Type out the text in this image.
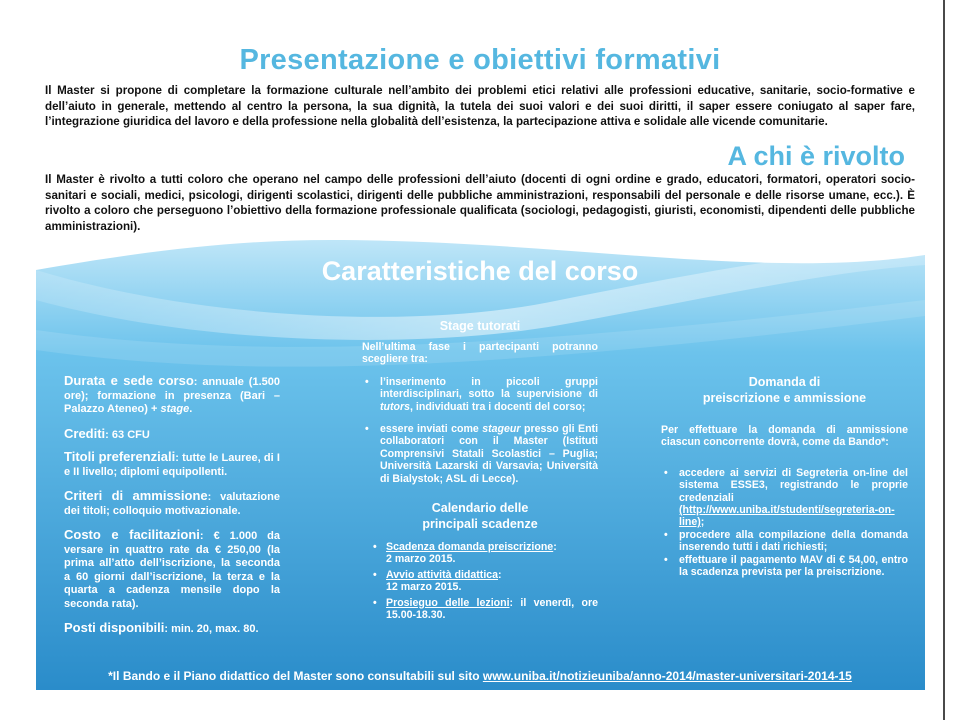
Presentazione e obiettivi formativi
Il Master si propone di completare la formazione culturale nell’ambito dei problemi etici relativi alle professioni educative, sanitarie, socio-formative e dell’aiuto in generale, mettendo al centro la persona, la sua dignità, la tutela dei suoi valori e dei suoi diritti, il saper essere coniugato al saper fare, l’integrazione giuridica del lavoro e della professione nella globalità dell’esistenza, la partecipazione attiva e solidale alle vicende comunitarie.
A chi è rivolto
Il Master è rivolto a tutti coloro che operano nel campo delle professioni dell’aiuto (docenti di ogni ordine e grado, educatori, formatori, operatori socio-sanitari e sociali, medici, psicologi, dirigenti scolastici, dirigenti delle pubbliche amministrazioni, responsabili del personale e delle risorse umane, ecc.). È rivolto a coloro che perseguono l’obiettivo della formazione professionale qualificata (sociologi, pedagogisti, giuristi, economisti, dipendenti delle pubbliche amministrazioni).
Caratteristiche del corso
Durata e sede corso: annuale (1.500 ore); formazione in presenza (Bari – Palazzo Ateneo) + stage.
Crediti: 63 CFU
Titoli preferenziali: tutte le Lauree, di I e II livello; diplomi equipollenti.
Criteri di ammissione: valutazione dei titoli; colloquio motivazionale.
Costo e facilitazioni: € 1.000 da versare in quattro rate da € 250,00 (la prima all’atto dell’iscrizione, la seconda a 60 giorni dall’iscrizione, la terza e la quarta a cadenza mensile dopo la seconda rata).
Posti disponibili: min. 20, max. 80.
Stage tutorati
Nell’ultima fase i partecipanti potranno scegliere tra:
• l’inserimento in piccoli gruppi interdisciplinari, sotto la supervisione di tutors, individuati tra i docenti del corso;
• essere inviati come stageur presso gli Enti collaboratori con il Master (Istituti Comprensivi Statali Scolastici – Puglia; Università Lazarski di Varsavia; Università di Bialystok; ASL di Lecce).
Calendario delle
principali scadenze
• Scadenza domanda preiscrizione:
2 marzo 2015.
• Avvio attività didattica:
12 marzo 2015.
• Prosieguo delle lezioni: il venerdì, ore 15.00-18.30.
Domanda di
preiscrizione e ammissione
Per effettuare la domanda di ammissione ciascun concorrente dovrà, come da Bando*:
• accedere ai servizi di Segreteria on-line del sistema ESSE3, registrando le proprie credenziali (http://www.uniba.it/studenti/segreteria-on-line);
• procedere alla compilazione della domanda inserendo tutti i dati richiesti;
• effettuare il pagamento MAV di € 54,00, entro la scadenza prevista per la preiscrizione.
*Il Bando e il Piano didattico del Master sono consultabili sul sito www.uniba.it/notizieuniba/anno-2014/master-universitari-2014-15
